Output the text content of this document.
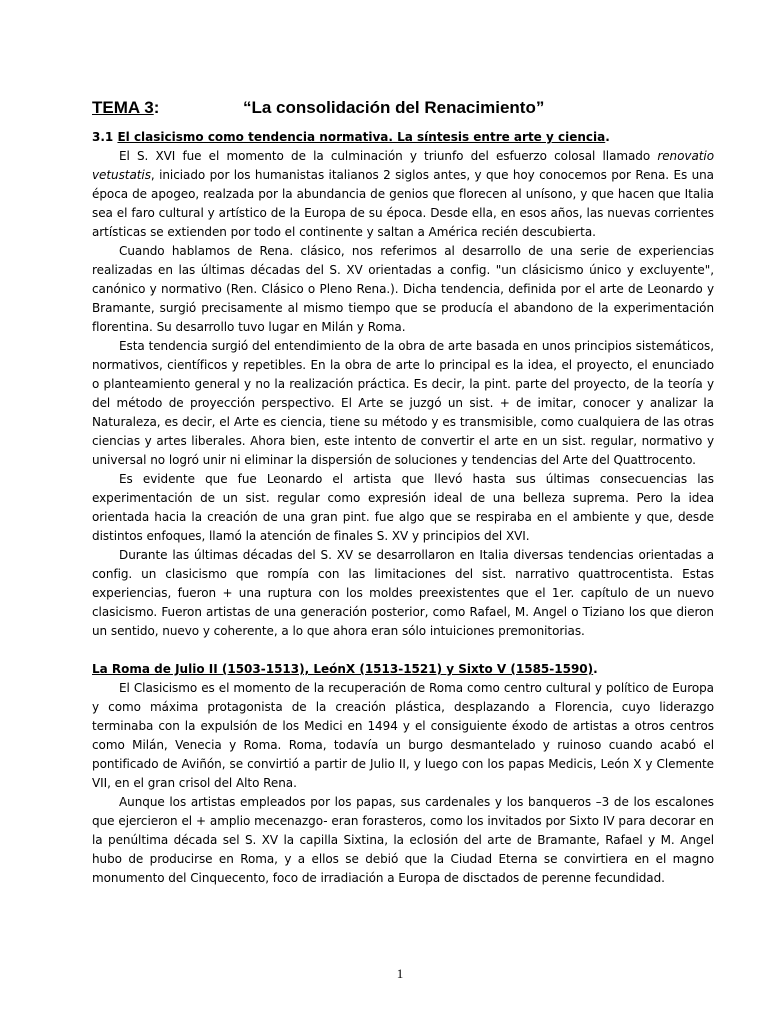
TEMA 3:	“La consolidación del Renacimiento”
3.1 El clasicismo como tendencia normativa. La síntesis entre arte y ciencia.

El S. XVI fue el momento de la culminación y triunfo del esfuerzo colosal llamado renovatio vetustatis, iniciado por los humanistas italianos 2 siglos antes, y que hoy conocemos por Rena. Es una época de apogeo, realzada por la abundancia de genios que florecen al unísono, y que hacen que Italia sea el faro cultural y artístico de la Europa de su época. Desde ella, en esos años, las nuevas corrientes artísticas se extienden por todo el continente y saltan a América recién descubierta.

Cuando hablamos de Rena. clásico, nos referimos al desarrollo de una serie de experiencias realizadas en las últimas décadas del S. XV orientadas a config. "un clásicismo único y excluyente", canónico y normativo (Ren. Clásico o Pleno Rena.). Dicha tendencia, definida por el arte de Leonardo y Bramante, surgió precisamente al mismo tiempo que se producía el abandono de la experimentación florentina. Su desarrollo tuvo lugar en Milán y Roma.

Esta tendencia surgió del entendimiento de la obra de arte basada en unos principios sistemáticos, normativos, científicos y repetibles. En la obra de arte lo principal es la idea, el proyecto, el enunciado o planteamiento general y no la realización práctica. Es decir, la pint. parte del proyecto, de la teoría y del método de proyección perspectivo. El Arte se juzgó un sist. + de imitar, conocer y analizar la Naturaleza, es decir, el Arte es ciencia, tiene su método y es transmisible, como cualquiera de las otras ciencias y artes liberales. Ahora bien, este intento de convertir el arte en un sist. regular, normativo y universal no logró unir ni eliminar la dispersión de soluciones y tendencias del Arte del Quattrocento.

Es evidente que fue Leonardo el artista que llevó hasta sus últimas consecuencias las experimentación de un sist. regular como expresión ideal de una belleza suprema. Pero la idea orientada hacia la creación de una gran pint. fue algo que se respiraba en el ambiente y que, desde distintos enfoques, llamó la atención de finales S. XV y principios del XVI.

Durante las últimas décadas del S. XV se desarrollaron en Italia diversas tendencias orientadas a config. un clasicismo que rompía con las limitaciones del sist. narrativo quattrocentista. Estas experiencias, fueron + una ruptura con los moldes preexistentes que el 1er. capítulo de un nuevo clasicismo. Fueron artistas de una generación posterior, como Rafael, M. Angel o Tiziano los que dieron un sentido, nuevo y coherente, a lo que ahora eran sólo intuiciones premonitorias.

La Roma de Julio II (1503-1513), LeónX (1513-1521) y Sixto V (1585-1590).

El Clasicismo es el momento de la recuperación de Roma como centro cultural y político de Europa y como máxima protagonista de la creación plástica, desplazando a Florencia, cuyo liderazgo terminaba con la expulsión de los Medici en 1494 y el consiguiente éxodo de artistas a otros centros como Milán, Venecia y Roma. Roma, todavía un burgo desmantelado y ruinoso cuando acabó el pontificado de Aviñón, se convirtió a partir de Julio II, y luego con los papas Medicis, León X y Clemente VII, en el gran crisol del Alto Rena.

Aunque los artistas empleados por los papas, sus cardenales y los banqueros –3 de los escalones que ejercieron el + amplio mecenazgo- eran forasteros, como los invitados por Sixto IV para decorar en la penúltima década sel S. XV la capilla Sixtina, la eclosión del arte de Bramante, Rafael y M. Angel hubo de producirse en Roma, y a ellos se debió que la Ciudad Eterna se convirtiera en el magno monumento del Cinquecento, foco de irradiación a Europa de disctados de perenne fecundidad.

1
